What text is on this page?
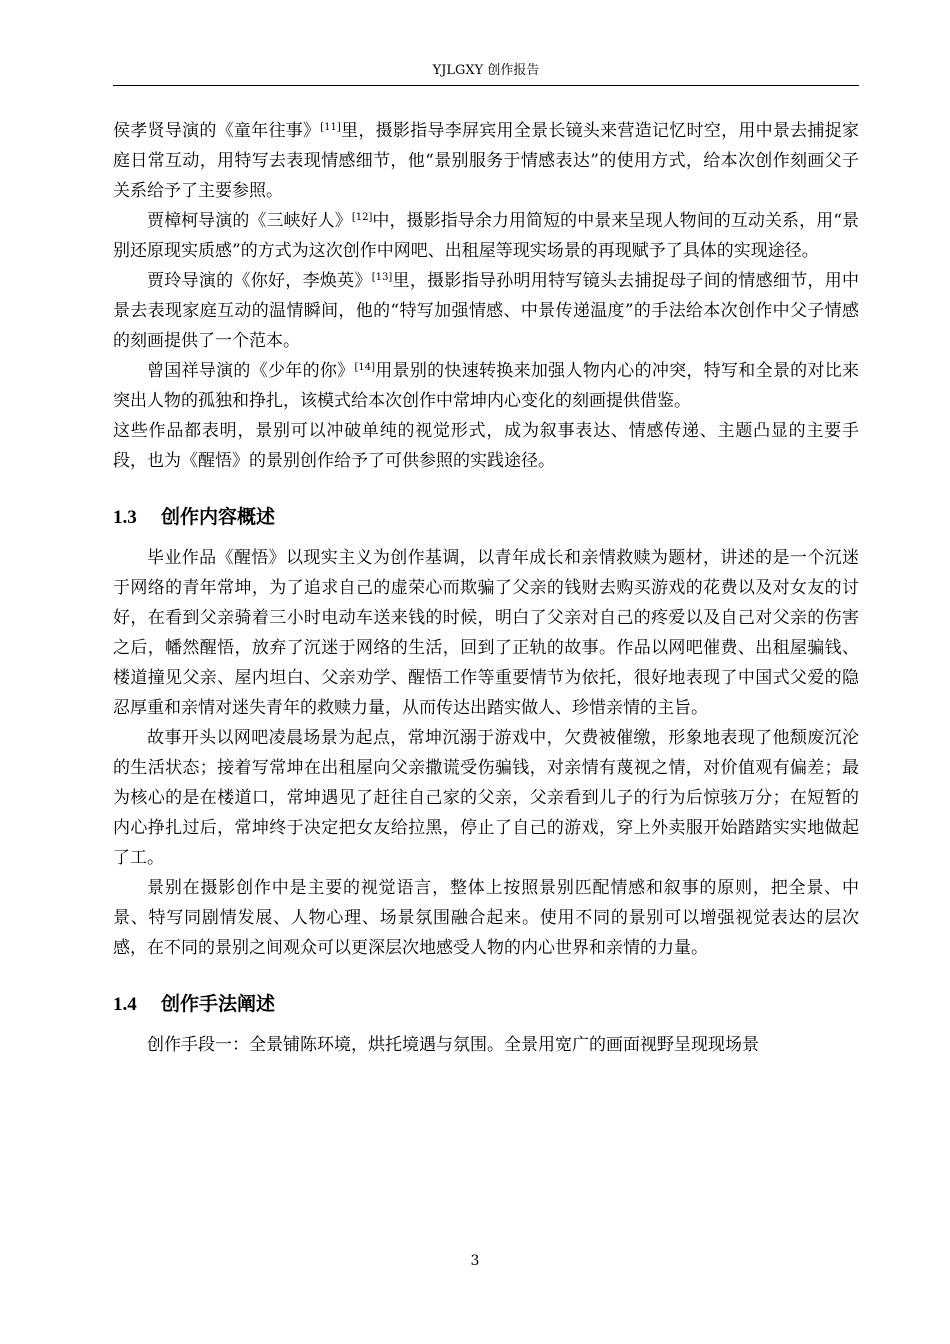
YJLGXY 创作报告

侯孝贤导演的《童年往事》[11]里，摄影指导李屏宾用全景长镜头来营造记忆时空，用中景去捕捉家庭日常互动，用特写去表现情感细节，他“景别服务于情感表达”的使用方式，给本次创作刻画父子关系给予了主要参照。

贾樟柯导演的《三峡好人》[12]中，摄影指导余力用简短的中景来呈现人物间的互动关系，用“景别还原现实质感”的方式为这次创作中网吧、出租屋等现实场景的再现赋予了具体的实现途径。

贾玲导演的《你好，李焕英》[13]里，摄影指导孙明用特写镜头去捕捉母子间的情感细节，用中景去表现家庭互动的温情瞬间，他的“特写加强情感、中景传递温度”的手法给本次创作中父子情感的刻画提供了一个范本。

曾国祥导演的《少年的你》[14]用景别的快速转换来加强人物内心的冲突，特写和全景的对比来突出人物的孤独和挣扎，该模式给本次创作中常坤内心变化的刻画提供借鉴。

这些作品都表明，景别可以冲破单纯的视觉形式，成为叙事表达、情感传递、主题凸显的主要手段，也为《醒悟》的景别创作给予了可供参照的实践途径。

1.3 创作内容概述

毕业作品《醒悟》以现实主义为创作基调，以青年成长和亲情救赎为题材，讲述的是一个沉迷于网络的青年常坤，为了追求自己的虚荣心而欺骗了父亲的钱财去购买游戏的花费以及对女友的讨好，在看到父亲骑着三小时电动车送来钱的时候，明白了父亲对自己的疼爱以及自己对父亲的伤害之后，幡然醒悟，放弃了沉迷于网络的生活，回到了正轨的故事。作品以网吧催费、出租屋骗钱、楼道撞见父亲、屋内坦白、父亲劝学、醒悟工作等重要情节为依托，很好地表现了中国式父爱的隐忍厚重和亲情对迷失青年的救赎力量，从而传达出踏实做人、珍惜亲情的主旨。

故事开头以网吧凌晨场景为起点，常坤沉溺于游戏中，欠费被催缴，形象地表现了他颓废沉沦的生活状态；接着写常坤在出租屋向父亲撒谎受伤骗钱，对亲情有蔑视之情，对价值观有偏差；最为核心的是在楼道口，常坤遇见了赶往自己家的父亲，父亲看到儿子的行为后惊骇万分；在短暂的内心挣扎过后，常坤终于决定把女友给拉黑，停止了自己的游戏，穿上外卖服开始踏踏实实地做起了工。

景别在摄影创作中是主要的视觉语言，整体上按照景别匹配情感和叙事的原则，把全景、中景、特写同剧情发展、人物心理、场景氛围融合起来。使用不同的景别可以增强视觉表达的层次感，在不同的景别之间观众可以更深层次地感受人物的内心世界和亲情的力量。

1.4 创作手法阐述

创作手段一：全景铺陈环境，烘托境遇与氛围。全景用宽广的画面视野呈现现场景

3
